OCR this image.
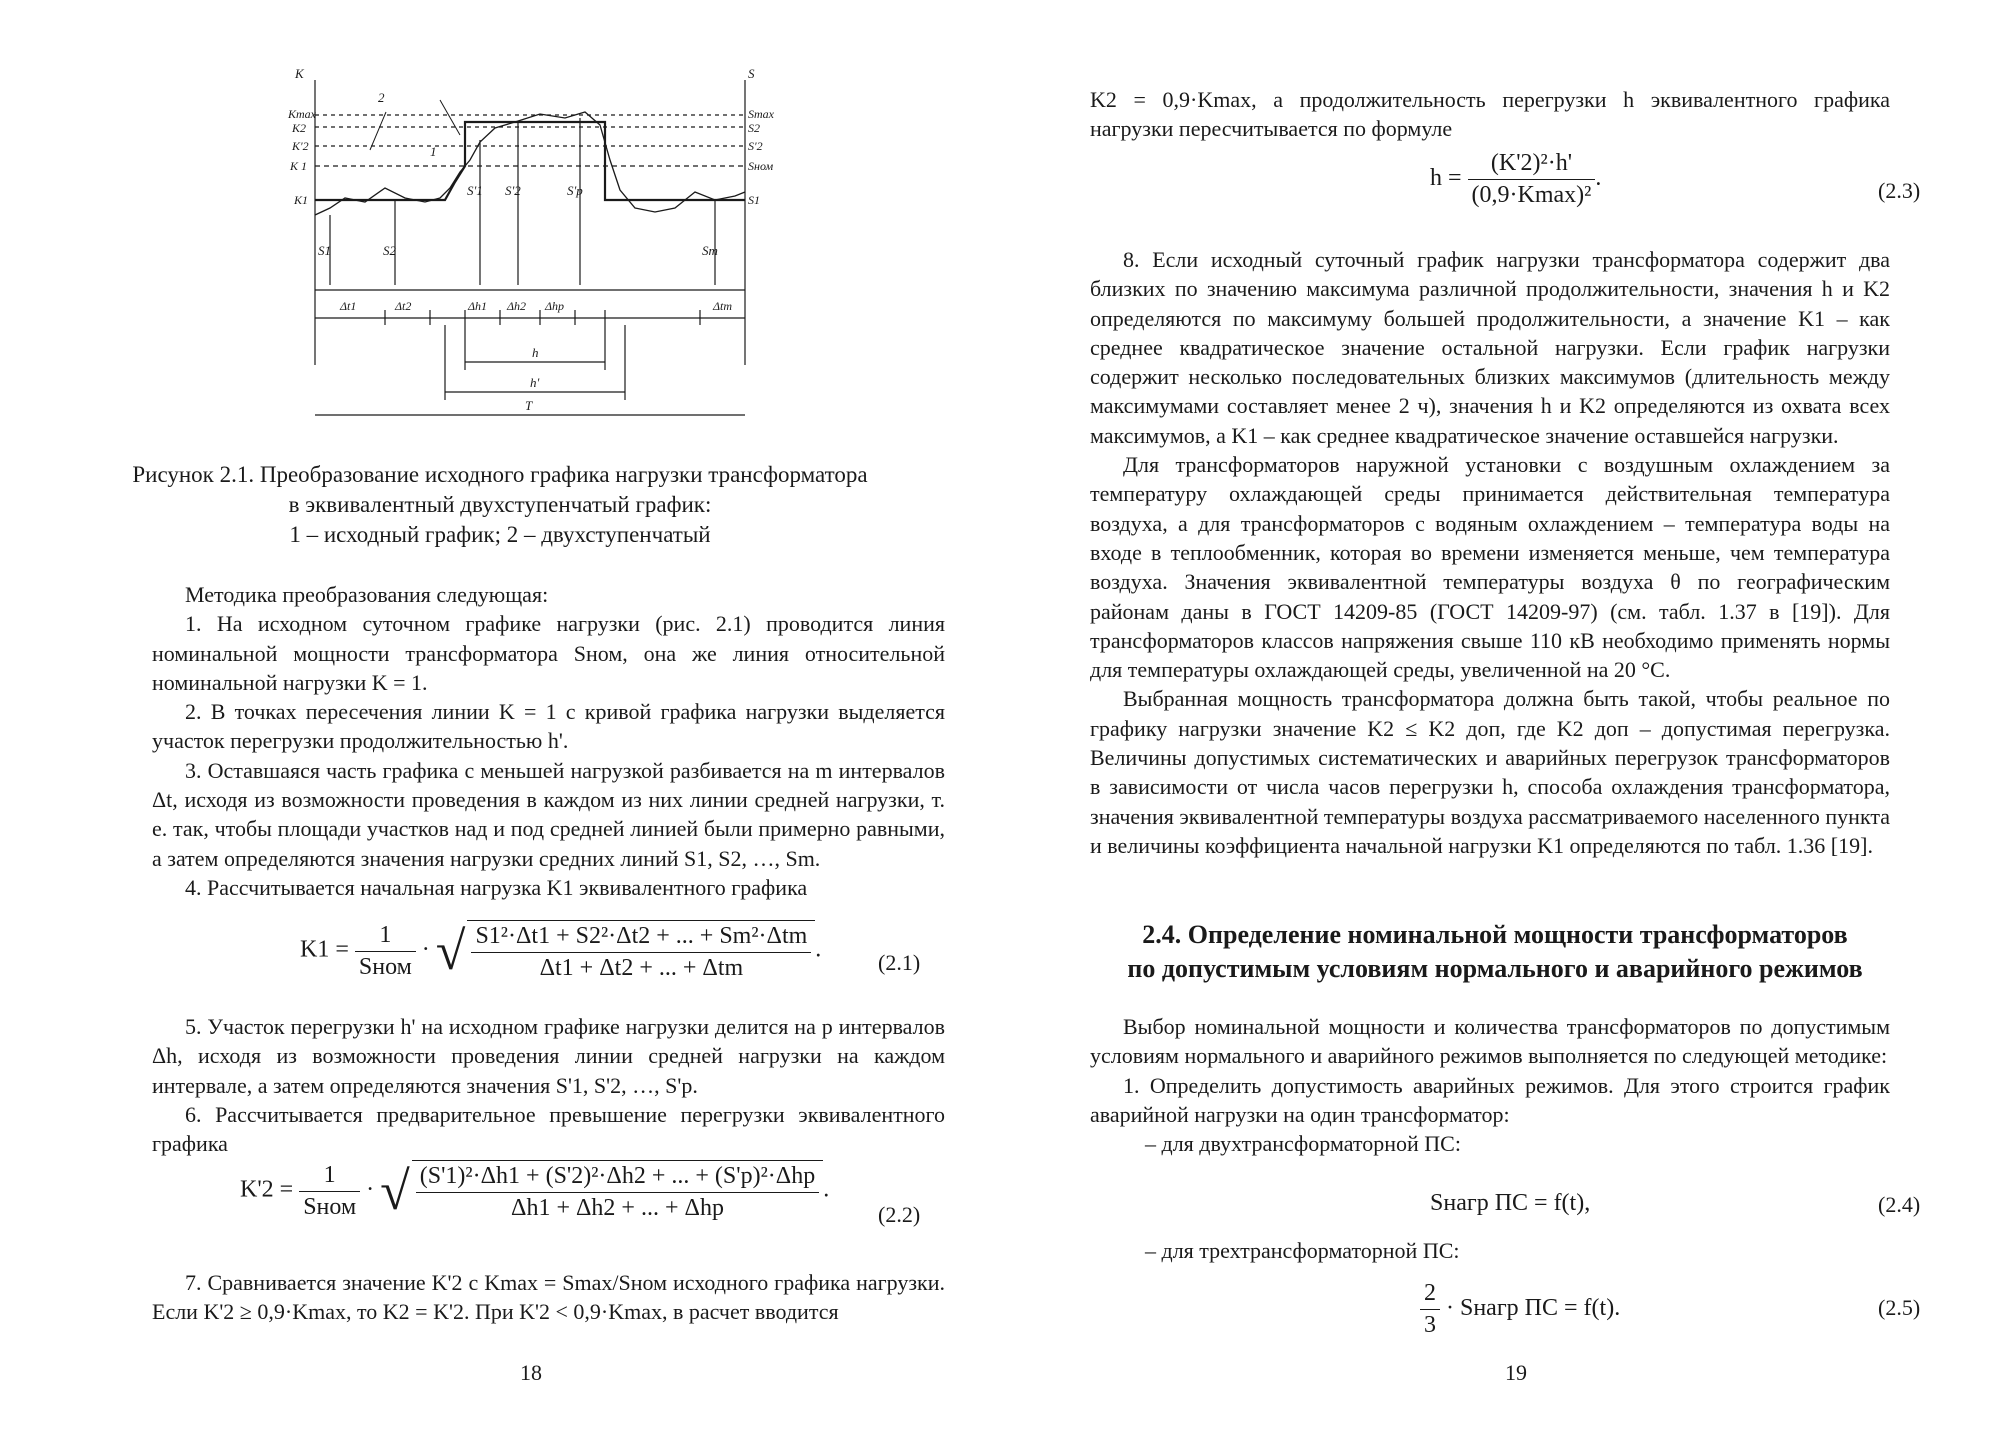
K
Kmax
K2
K'2
K 1
K1
S
Smax
S2
S'2
Sном
S1
2
1
S1	S2
S'1 S'2	S'p
Sm
Δt1	Δt2	Δh1 Δh2 Δhp	Δtm
h
h'
T
Рисунок 2.1. Преобразование исходного графика нагрузки трансформатора
в эквивалентный двухступенчатый график:
1 – исходный график; 2 – двухступенчатый

Методика преобразования следующая:

1. На исходном суточном графике нагрузки (рис. 2.1) проводится линия номинальной мощности трансформатора Sном, она же линия относительной номинальной нагрузки K = 1.

2. В точках пересечения линии K = 1 с кривой графика нагрузки выделяется участок перегрузки продолжительностью h'.

3. Оставшаяся часть графика с меньшей нагрузкой разбивается на m интервалов Δt, исходя из возможности проведения в каждом из них линии средней нагрузки, т. е. так, чтобы площади участков над и под средней линией были примерно равными, а затем определяются значения нагрузки средних линий S1, S2, …, Sm.

4. Рассчитывается начальная нагрузка K1 эквивалентного графика

$K1 = \frac{1}{\text{Sном}}$ · √ $\frac{\text{S1²·Δt1 + S2²·Δt2 + ... + Sm²·Δtm}}{\text{Δt1 + Δt2 + ... + Δtm}}$ .	(2.1)

5. Участок перегрузки h' на исходном графике нагрузки делится на p интервалов Δh, исходя из возможности проведения линии средней нагрузки на каждом интервале, а затем определяются значения S'1, S'2, …, S'p.

6. Рассчитывается предварительное превышение перегрузки эквивалентного графика

$K'2 = \frac{1}{\text{Sном}}$ · √ $\frac{\text{(S'1)²·Δh1 + (S'2)²·Δh2 + ... + (S'p)²·Δhp}}{\text{Δh1 + Δh2 + ... + Δhp}}$ .
(2.2)

7. Сравнивается значение K'2 с Kmax = Smax/Sном исходного графика нагрузки. Если K'2 ≥ 0,9·Kmax, то K2 = K'2. При K'2 < 0,9·Kmax, в расчет вводится

18

K2 = 0,9·Kmax, а продолжительность перегрузки h эквивалентного графика нагрузки пересчитывается по формуле

$h = \frac{\text{(K'2)²·h'}}{\text{(0,9·Kmax)²}}$ .	(2.3)

8. Если исходный суточный график нагрузки трансформатора содержит два близких по значению максимума различной продолжительности, значения h и K2 определяются по максимуму большей продолжительности, а значение K1 – как среднее квадратическое значение остальной нагрузки. Если график нагрузки содержит несколько последовательных близких максимумов (длительность между максимумами составляет менее 2 ч), значения h и K2 определяются из охвата всех максимумов, а K1 – как среднее квадратическое значение оставшейся нагрузки.

Для трансформаторов наружной установки с воздушным охлаждением за температуру охлаждающей среды принимается действительная температура воздуха, а для трансформаторов с водяным охлаждением – температура воды на входе в теплообменник, которая во времени изменяется меньше, чем температура воздуха. Значения эквивалентной температуры воздуха θ по географическим районам даны в ГОСТ 14209-85 (ГОСТ 14209-97) (см. табл. 1.37 в [19]). Для трансформаторов классов напряжения свыше 110 кВ необходимо применять нормы для температуры охлаждающей среды, увеличенной на 20 °С.

Выбранная мощность трансформатора должна быть такой, чтобы реальное по графику нагрузки значение K2 ≤ K2 доп, где K2 доп – допустимая перегрузка. Величины допустимых систематических и аварийных перегрузок трансформаторов в зависимости от числа часов перегрузки h, способа охлаждения трансформатора, значения эквивалентной температуры воздуха рассматриваемого населенного пункта и величины коэффициента начальной нагрузки K1 определяются по табл. 1.36 [19].

2.4. Определение номинальной мощности трансформаторов
по допустимым условиям нормального и аварийного режимов

Выбор номинальной мощности и количества трансформаторов по допустимым условиям нормального и аварийного режимов выполняется по следующей методике:

1. Определить допустимость аварийных режимов. Для этого строится график аварийной нагрузки на один трансформатор:

– для двухтрансформаторной ПС:

Sнагр ПС = f(t),	(2.4)

– для трехтрансформаторной ПС:

$\frac{2}{3}$ · Sнагр ПС = f(t).	(2.5)
19
